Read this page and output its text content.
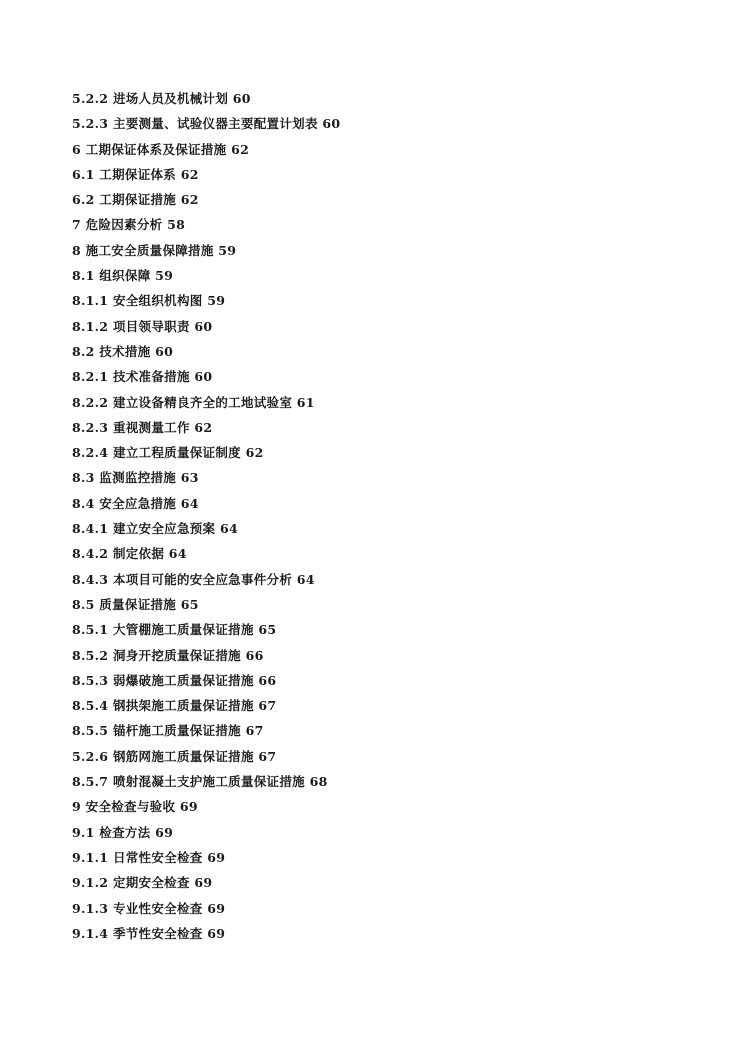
5.2.2 进场人员及机械计划 60
5.2.3 主要测量、试验仪器主要配置计划表 60
6 工期保证体系及保证措施 62
6.1 工期保证体系 62
6.2 工期保证措施 62
7 危险因素分析 58
8 施工安全质量保障措施 59
8.1 组织保障 59
8.1.1 安全组织机构图 59
8.1.2 项目领导职责 60
8.2 技术措施 60
8.2.1 技术准备措施 60
8.2.2 建立设备精良齐全的工地试验室 61
8.2.3 重视测量工作 62
8.2.4 建立工程质量保证制度 62
8.3 监测监控措施 63
8.4 安全应急措施 64
8.4.1 建立安全应急预案 64
8.4.2 制定依据 64
8.4.3 本项目可能的安全应急事件分析 64
8.5 质量保证措施 65
8.5.1 大管棚施工质量保证措施 65
8.5.2 洞身开挖质量保证措施 66
8.5.3 弱爆破施工质量保证措施 66
8.5.4 钢拱架施工质量保证措施 67
8.5.5 锚杆施工质量保证措施 67
5.2.6 钢筋网施工质量保证措施 67
8.5.7 喷射混凝土支护施工质量保证措施 68
9 安全检查与验收 69
9.1 检查方法 69
9.1.1 日常性安全检查 69
9.1.2 定期安全检查 69
9.1.3 专业性安全检查 69
9.1.4 季节性安全检查 69
